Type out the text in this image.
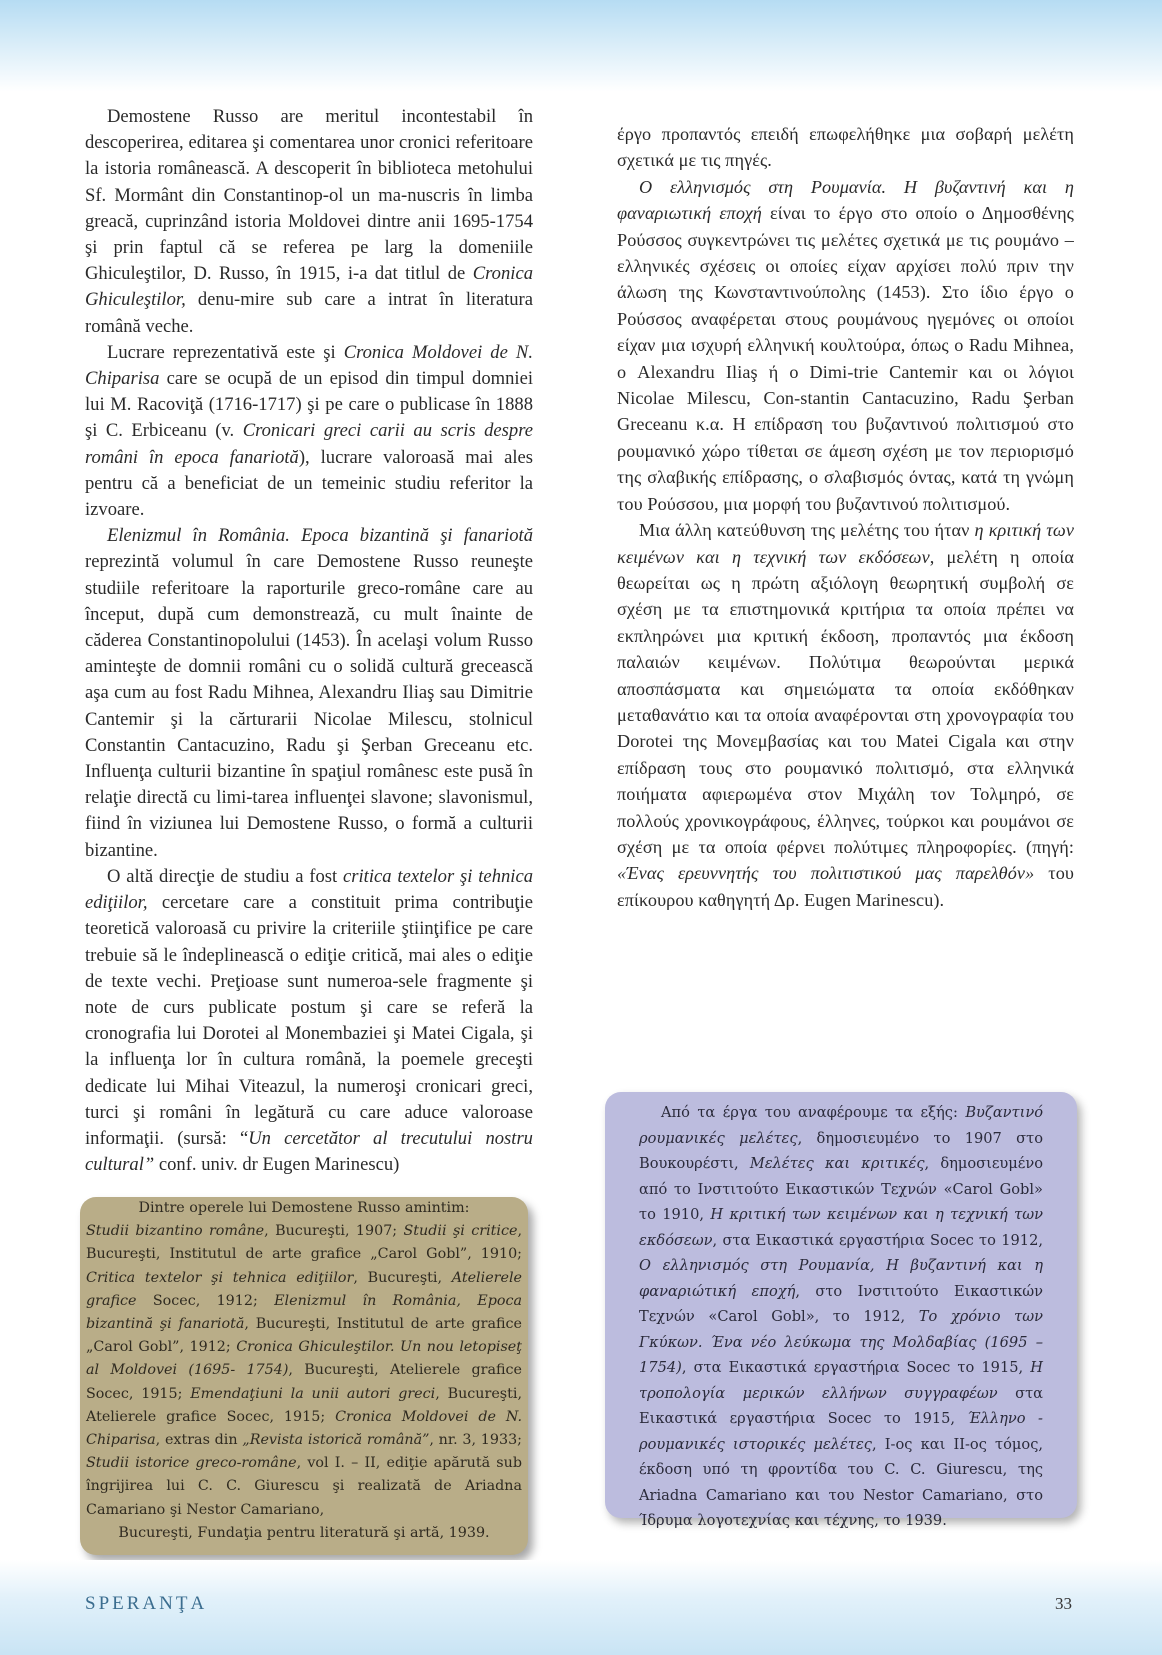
Demostene Russo are meritul incontestabil în descoperirea, editarea şi comentarea unor cronici referitoare la istoria românească. A descoperit în biblioteca metohului Sf. Mormânt din Constantinop-ol un ma-nuscris în limba greacă, cuprinzând istoria Moldovei dintre anii 1695-1754 şi prin faptul că se referea pe larg la domeniile Ghiculeştilor, D. Russo, în 1915, i-a dat titlul de Cronica Ghiculeştilor, denu-mire sub care a intrat în literatura română veche.

Lucrare reprezentativă este şi Cronica Moldovei de N. Chiparisa care se ocupă de un episod din timpul domniei lui M. Racoviţă (1716-1717) şi pe care o publicase în 1888 şi C. Erbiceanu (v. Cronicari greci carii au scris despre români în epoca fanariotă), lucrare valoroasă mai ales pentru că a beneficiat de un temeinic studiu referitor la izvoare.

Elenizmul în România. Epoca bizantină şi fanariotă reprezintă volumul în care Demostene Russo reuneşte studiile referitoare la raporturile greco-române care au început, după cum demonstrează, cu mult înainte de căderea Constantinopolului (1453). În acelaşi volum Russo aminteşte de domnii români cu o solidă cultură grecească aşa cum au fost Radu Mihnea, Alexandru Iliaş sau Dimitrie Cantemir şi la cărturarii Nicolae Milescu, stolnicul Constantin Cantacuzino, Radu şi Şerban Greceanu etc. Influenţa culturii bizantine în spaţiul românesc este pusă în relaţie directă cu limi-tarea influenţei slavone; slavonismul, fiind în viziunea lui Demostene Russo, o formă a culturii bizantine.

O altă direcţie de studiu a fost critica textelor şi tehnica ediţiilor, cercetare care a constituit prima contribuţie teoretică valoroasă cu privire la criteriile ştiinţifice pe care trebuie să le îndeplinească o ediţie critică, mai ales o ediţie de texte vechi. Preţioase sunt numeroa-sele fragmente şi note de curs publicate postum şi care se referă la cronografia lui Dorotei al Monembaziei şi Matei Cigala, şi la influenţa lor în cultura română, la poemele greceşti dedicate lui Mihai Viteazul, la numeroşi cronicari greci, turci şi români în legătură cu care aduce valoroase informaţii. (sursă: “Un cercetător al trecutului nostru cultural” conf. univ. dr Eugen Marinescu)

έργο προπαντός επειδή επωφελήθηκε μια σοβαρή μελέτη σχετικά με τις πηγές.

Ο ελληνισμός στη Ρουμανία. Η βυζαντινή και η φαναριωτική εποχή είναι το έργο στο οποίο ο Δημοσθένης Ρούσσος συγκεντρώνει τις μελέτες σχετικά με τις ρουμάνο – ελληνικές σχέσεις οι οποίες είχαν αρχίσει πολύ πριν την άλωση της Κωνσταντινούπολης (1453). Στο ίδιο έργο ο Ρούσσος αναφέρεται στους ρουμάνους ηγεμόνες οι οποίοι είχαν μια ισχυρή ελληνική κουλτούρα, όπως ο Radu Mihnea, ο Alexandru Iliaş ή ο Dimi-trie Cantemir και οι λόγιοι Nicolae Milescu, Con-stantin Cantacuzino, Radu Şerban Greceanu κ.α. Η επίδραση του βυζαντινού πολιτισμού στο ρουμανικό χώρο τίθεται σε άμεση σχέση με τον περιορισμό της σλαβικής επίδρασης, ο σλαβισμός όντας, κατά τη γνώμη του Ρούσσου, μια μορφή του βυζαντινού πολιτισμού.

Μια άλλη κατεύθυνση της μελέτης του ήταν η κριτική των κειμένων και η τεχνική των εκδόσεων, μελέτη η οποία θεωρείται ως η πρώτη αξιόλογη θεωρητική συμβολή σε σχέση με τα επιστημονικά κριτήρια τα οποία πρέπει να εκπληρώνει μια κριτική έκδοση, προπαντός μια έκδοση παλαιών κειμένων. Πολύτιμα θεωρούνται μερικά αποσπάσματα και σημειώματα τα οποία εκδόθηκαν μεταθανάτιο και τα οποία αναφέρονται στη χρονογραφία του Dorotei της Μονεμβασίας και του Matei Cigala και στην επίδραση τους στο ρουμανικό πολιτισμό, στα ελληνικά ποιήματα αφιερωμένα στον Μιχάλη τον Τολμηρό, σε πολλούς χρονικογράφους, έλληνες, τούρκοι και ρουμάνοι σε σχέση με τα οποία φέρνει πολύτιμες πληροφορίες. (πηγή: «Ένας ερευννητής του πολιτιστικού μας παρελθόν» του επίκουρου καθηγητή Δρ. Eugen Marinescu).

Dintre operele lui Demostene Russo amintim:

Studii bizantino române, Bucureşti, 1907; Studii şi critice, Bucureşti, Institutul de arte grafice „Carol Gobl”, 1910; Critica textelor şi tehnica ediţiilor, Bucureşti, Atelierele grafice Socec, 1912; Elenizmul în România, Epoca bizantină şi fanariotă, Bucureşti, Institutul de arte grafice „Carol Gobl”, 1912; Cronica Ghiculeştilor. Un nou letopiseţ al Moldovei (1695- 1754), Bucureşti, Atelierele grafice Socec, 1915; Emendaţiuni la unii autori greci, Bucureşti, Atelierele grafice Socec, 1915; Cronica Moldovei de N. Chiparisa, extras din „Revista istorică română”, nr. 3, 1933; Studii istorice greco-române, vol I. – II, ediţie apărută sub îngrijirea lui C. C. Giurescu şi realizată de Ariadna Camariano şi Nestor Camariano,

Bucureşti, Fundaţia pentru literatură şi artă, 1939.

Από τα έργα του αναφέρουμε τα εξής: Βυζαντινό ρουμανικές μελέτες, δημοσιευμένο το 1907 στο Βουκουρέστι, Μελέτες και κριτικές, δημοσιευμένο από το Ινστιτούτο Εικαστικών Τεχνών «Carol Gobl» το 1910, Η κριτική των κειμένων και η τεχνική των εκδόσεων, στα Εικαστικά εργαστήρια Socec το 1912, Ο ελληνισμός στη Ρουμανία, Η βυζαντινή και η φαναριώτική εποχή, στο Ινστιτούτο Εικαστικών Τεχνών «Carol Gobl», το 1912, Το χρόνιο των Γκύκων. Ένα νέο λεύκωμα της Μολδαβίας (1695 – 1754), στα Εικαστικά εργαστήρια Socec το 1915, Η τροπολογία μερικών ελλήνων συγγραφέων στα Εικαστικά εργαστήρια Socec το 1915, Έλληνο - ρουμανικές ιστορικές μελέτες, I-ος και II-ος τόμος, έκδοση υπό τη φροντίδα του C. C. Giurescu, της Ariadna Camariano και του Nestor Camariano, στο Ίδρυμα λογοτεχνίας και τέχνης, το 1939.

SPERANŢA	33
